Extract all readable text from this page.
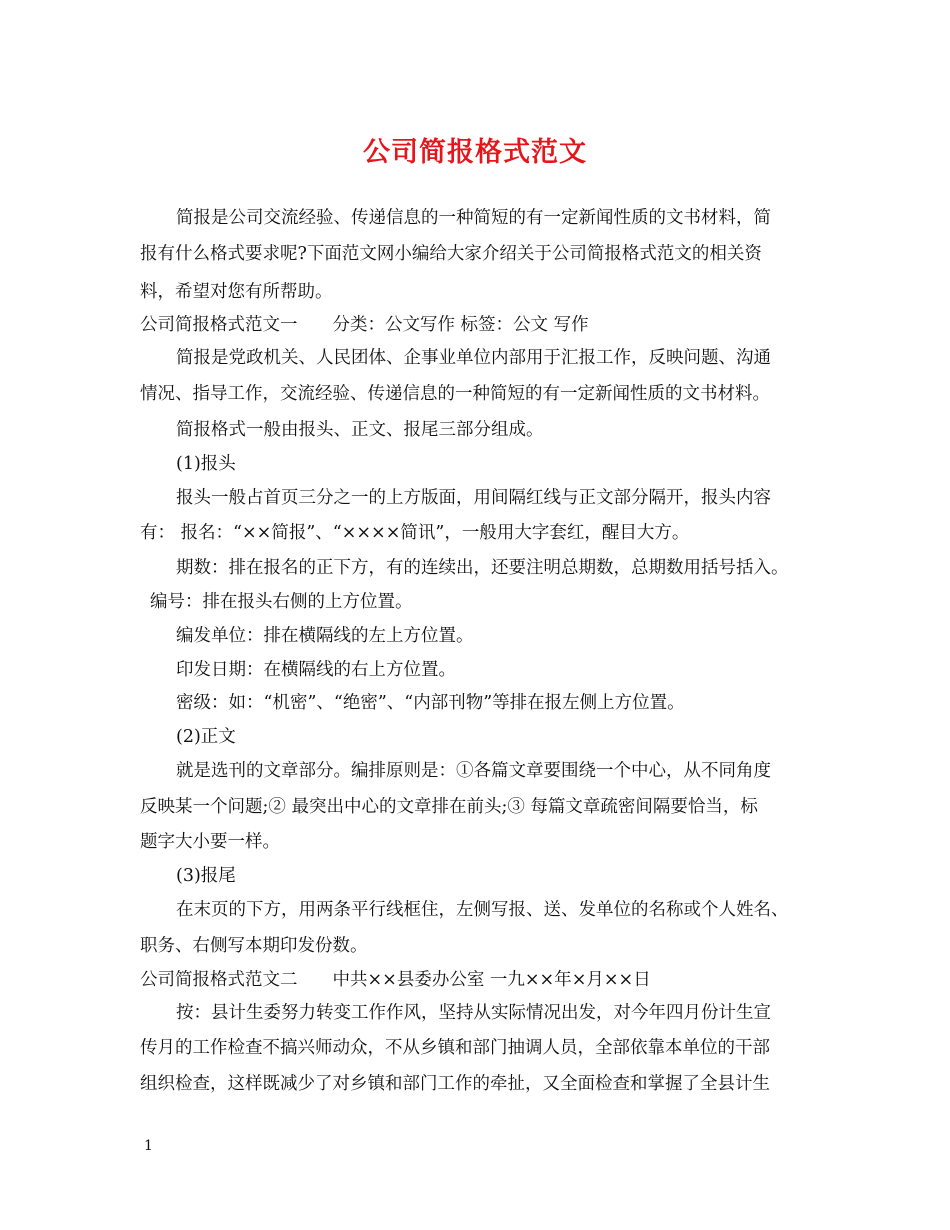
公司简报格式范文
简报是公司交流经验、传递信息的一种简短的有一定新闻性质的文书材料，简
报有什么格式要求呢?下面范文网小编给大家介绍关于公司简报格式范文的相关资
料，希望对您有所帮助。
公司简报格式范文一　　分类：公文写作 标签：公文 写作
简报是党政机关、人民团体、企事业单位内部用于汇报工作，反映问题、沟通
情况、指导工作，交流经验、传递信息的一种简短的有一定新闻性质的文书材料。
简报格式一般由报头、正文、报尾三部分组成。
(1)报头
报头一般占首页三分之一的上方版面，用间隔红线与正文部分隔开，报头内容
有： 报名：“××简报”、“××××简讯”，一般用大字套红，醒目大方。
期数：排在报名的正下方，有的连续出，还要注明总期数，总期数用括号括入。
编号：排在报头右侧的上方位置。
编发单位：排在横隔线的左上方位置。
印发日期：在横隔线的右上方位置。
密级：如：“机密”、“绝密”、“内部刊物”等排在报左侧上方位置。
(2)正文
就是选刊的文章部分。编排原则是：①各篇文章要围绕一个中心，从不同角度
反映某一个问题;② 最突出中心的文章排在前头;③ 每篇文章疏密间隔要恰当，标
题字大小要一样。
(3)报尾
在末页的下方，用两条平行线框住，左侧写报、送、发单位的名称或个人姓名、
职务、右侧写本期印发份数。
公司简报格式范文二　　中共××县委办公室 一九××年×月××日
按：县计生委努力转变工作作风，坚持从实际情况出发，对今年四月份计生宣
传月的工作检查不搞兴师动众，不从乡镇和部门抽调人员，全部依靠本单位的干部
组织检查，这样既减少了对乡镇和部门工作的牵扯，又全面检查和掌握了全县计生
1
